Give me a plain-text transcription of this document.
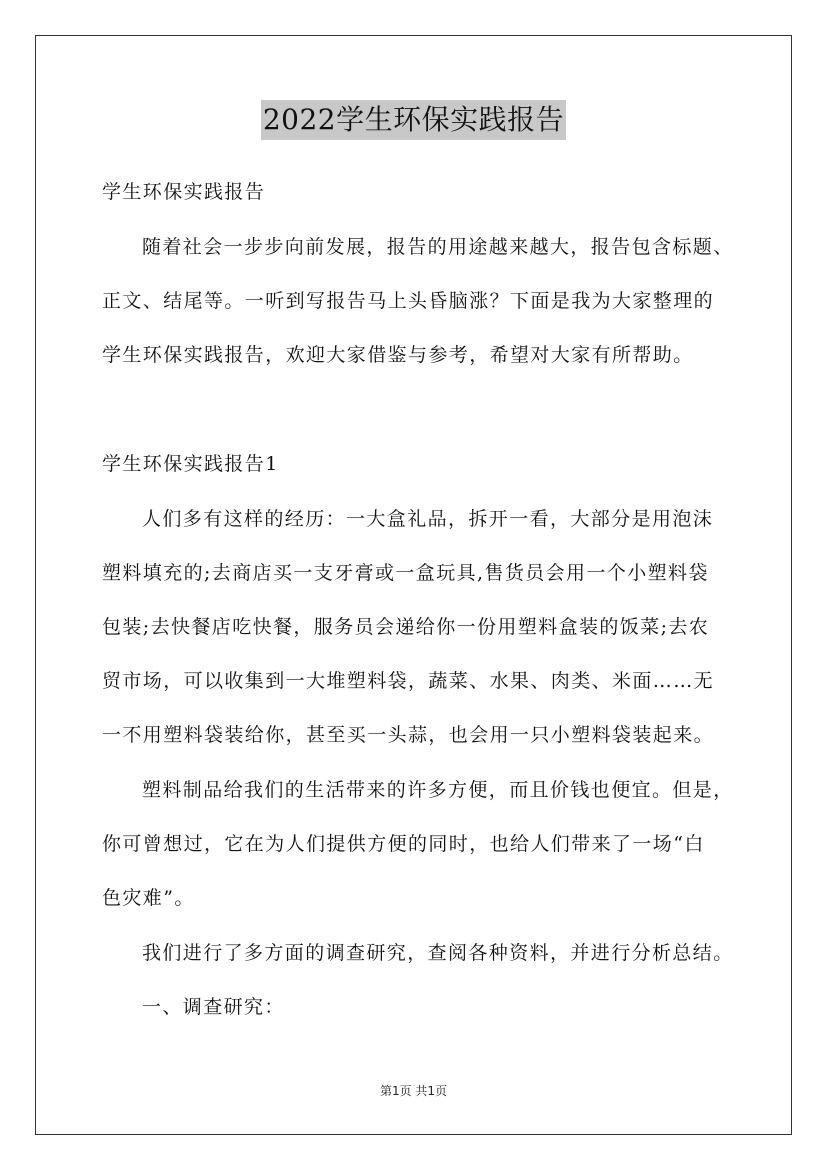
2022学生环保实践报告
学生环保实践报告
随着社会一步步向前发展，报告的用途越来越大，报告包含标题、
正文、结尾等。一听到写报告马上头昏脑涨？下面是我为大家整理的
学生环保实践报告，欢迎大家借鉴与参考，希望对大家有所帮助。
学生环保实践报告1
人们多有这样的经历：一大盒礼品，拆开一看，大部分是用泡沫
塑料填充的;去商店买一支牙膏或一盒玩具,售货员会用一个小塑料袋
包装;去快餐店吃快餐，服务员会递给你一份用塑料盒装的饭菜;去农
贸市场，可以收集到一大堆塑料袋，蔬菜、水果、肉类、米面……无
一不用塑料袋装给你，甚至买一头蒜，也会用一只小塑料袋装起来。
塑料制品给我们的生活带来的许多方便，而且价钱也便宜。但是，
你可曾想过，它在为人们提供方便的同时，也给人们带来了一场“白
色灾难”。
我们进行了多方面的调查研究，查阅各种资料，并进行分析总结。
一、调查研究：
第1页 共1页
